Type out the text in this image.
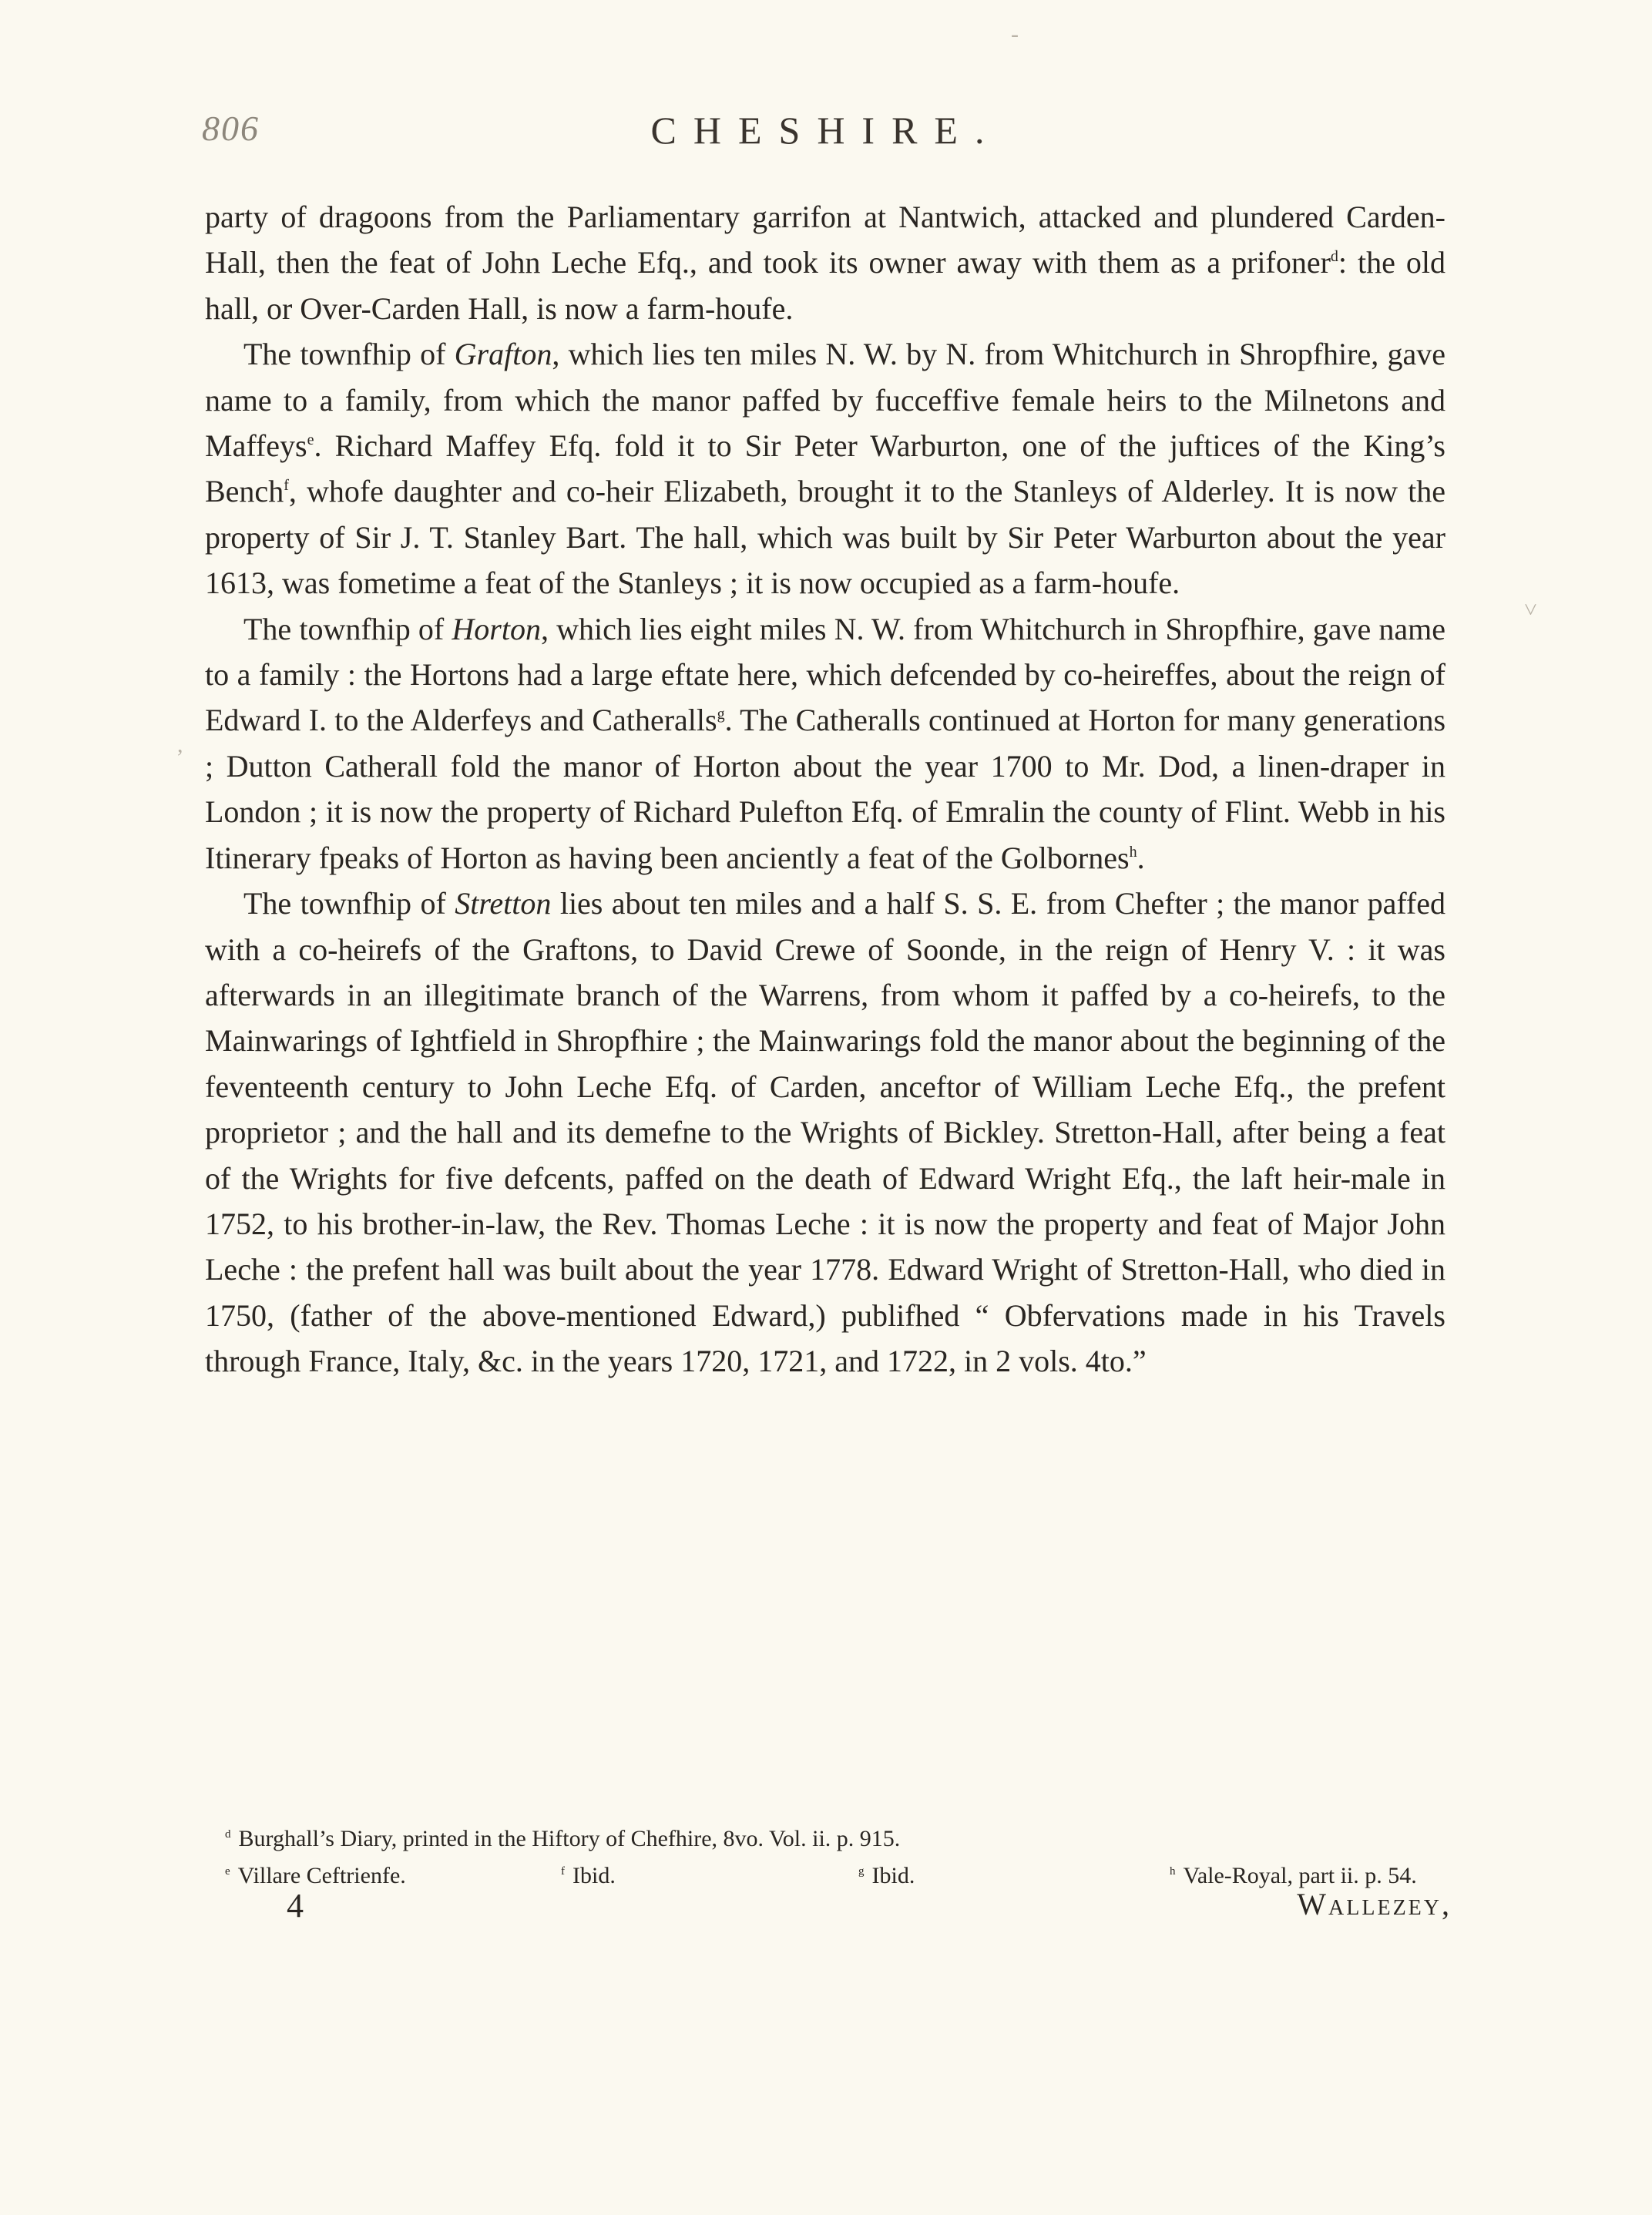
-
˅
,
806	CHESHIRE.

party of dragoons from the Parliamentary garrifon at Nantwich, attacked and plundered Carden-Hall, then the feat of John Leche Efq., and took its owner away with them as a prifoner$^d$: the old hall, or Over-Carden Hall, is now a farm-houfe.

The townfhip of Grafton, which lies ten miles N. W. by N. from Whitchurch in Shropfhire, gave name to a family, from which the manor paffed by fucceffive female heirs to the Milnetons and Maffeys$^e$. Richard Maffey Efq. fold it to Sir Peter Warburton, one of the juftices of the King’s Bench$^f$, whofe daughter and co-heir Elizabeth, brought it to the Stanleys of Alderley. It is now the property of Sir J. T. Stanley Bart. The hall, which was built by Sir Peter Warburton about the year 1613, was fometime a feat of the Stanleys ; it is now occupied as a farm-houfe.

The townfhip of Horton, which lies eight miles N. W. from Whitchurch in Shropfhire, gave name to a family : the Hortons had a large eftate here, which defcended by co-heireffes, about the reign of Edward I. to the Alderfeys and Catheralls$^g$. The Catheralls continued at Horton for many generations ; Dutton Catherall fold the manor of Horton about the year 1700 to Mr. Dod, a linen-draper in London ; it is now the property of Richard Pulefton Efq. of Emralin the county of Flint. Webb in his Itinerary fpeaks of Horton as having been anciently a feat of the Golbornes$^h$.

The townfhip of Stretton lies about ten miles and a half S. S. E. from Chefter ; the manor paffed with a co-heirefs of the Graftons, to David Crewe of Soonde, in the reign of Henry V. : it was afterwards in an illegitimate branch of the Warrens, from whom it paffed by a co-heirefs, to the Mainwarings of Ightfield in Shropfhire ; the Mainwarings fold the manor about the beginning of the feventeenth century to John Leche Efq. of Carden, anceftor of William Leche Efq., the prefent proprietor ; and the hall and its demefne to the Wrights of Bickley. Stretton-Hall, after being a feat of the Wrights for five defcents, paffed on the death of Edward Wright Efq., the laft heir-male in 1752, to his brother-in-law, the Rev. Thomas Leche : it is now the property and feat of Major John Leche : the prefent hall was built about the year 1778. Edward Wright of Stretton-Hall, who died in 1750, (father of the above-mentioned Edward,) publifhed “ Obfervations made in his Travels through France, Italy, &c. in the years 1720, 1721, and 1722, in 2 vols. 4to.”

$^d$ Burghall’s Diary, printed in the Hiftory of Chefhire, 8vo. Vol. ii. p. 915.
$^e$ Villare Ceftrienfe.	$^f$ Ibid.	$^g$ Ibid.	$^h$ Vale-Royal, part ii. p. 54.
4	Wallezey,
